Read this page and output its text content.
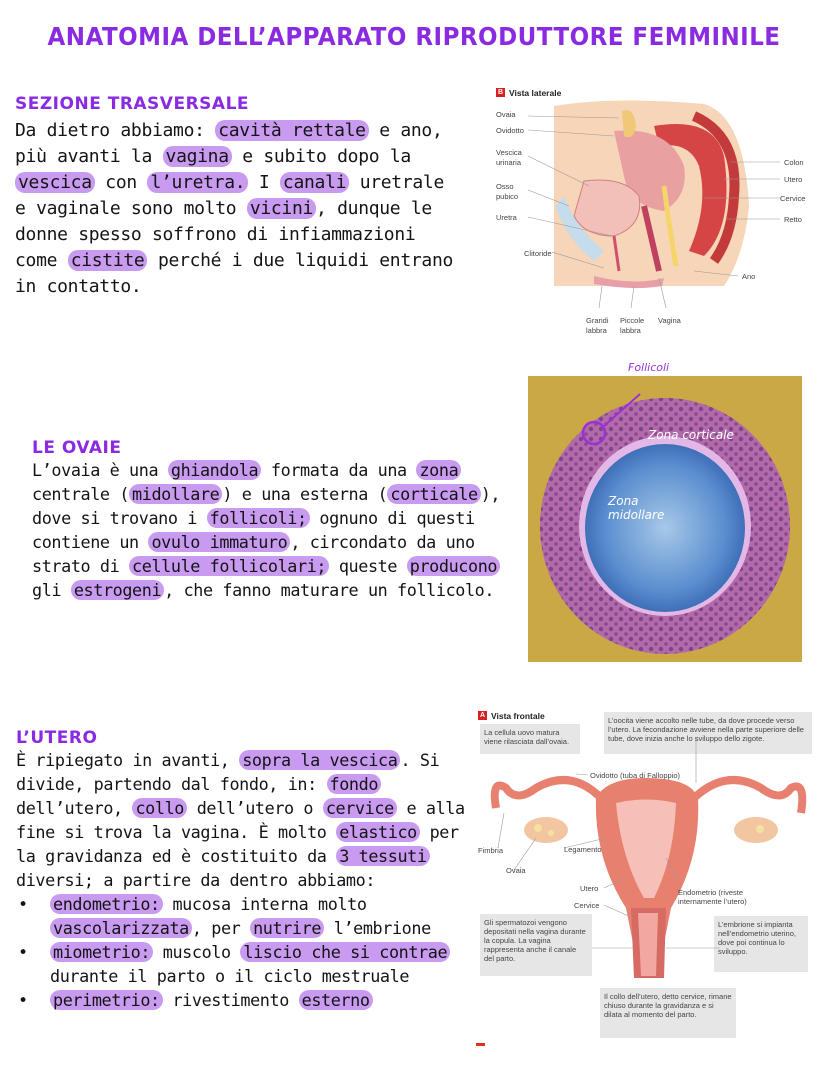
ANATOMIA DELL’APPARATO RIPRODUTTORE FEMMINILE
SEZIONE TRASVERSALE
Da dietro abbiamo: cavità rettale e ano, più avanti la vagina e subito dopo la vescica con l’uretra. I canali uretrale e vaginale sono molto vicini , dunque le donne spesso soffrono di infiammazioni come cistite perché i due liquidi entrano in contatto.
B Vista laterale
Ovaia
Ovidotto
Vescica urinaria
Osso pubico
Uretra
Clitoride
Colon
Utero
Cervice
Retto
Ano
Grandi labbra
Piccole labbra
Vagina
LE OVAIE
L’ovaia è una ghiandola formata da una zona centrale ( midollare ) e una esterna ( corticale ), dove si trovano i follicoli; ognuno di questi contiene un ovulo immaturo , circondato da uno strato di cellule follicolari; queste producono gli estrogeni , che fanno maturare un follicolo.
Zona corticale
Zona midollare
Follicoli
L’UTERO
È ripiegato in avanti, sopra la vescica . Si divide, partendo dal fondo, in: fondo dell’utero, collo dell’utero o cervice e alla fine si trova la vagina. È molto elastico per la gravidanza ed è costituito da 3 tessuti diversi; a partire da dentro abbiamo:
• endometrio: mucosa interna molto vascolarizzata , per nutrire l’embrione
• miometrio: muscolo liscio che si contrae durante il parto o il ciclo mestruale
• perimetrio: rivestimento esterno
A Vista frontale
La cellula uovo matura viene rilasciata dall’ovaia.
L’oocita viene accolto nelle tube, da dove procede verso l’utero. La fecondazione avviene nella parte superiore delle tube, dove inizia anche lo sviluppo dello zigote.
Ovidotto (tuba di Falloppio)
Fimbria	Legamento
Ovaia
Utero
Cervice
Endometrio (riveste internamente l’utero)
Gli spermatozoi vengono depositati nella vagina durante la copula. La vagina rappresenta anche il canale del parto.
L’embrione si impianta nell’endometrio uterino, dove poi continua lo sviluppo.
Il collo dell’utero, detto cervice, rimane chiuso durante la gravidanza e si dilata al momento del parto.
